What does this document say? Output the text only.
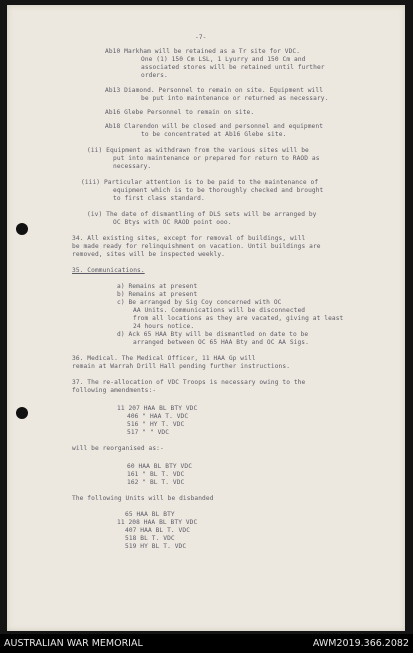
-7-
Ab10 Markham will be retained as a Tr site for VDC.
One (1) 150 Cm LSL, 1 Lyurry and 150 Cm and
associated stores will be retained until further
orders.
Ab13 Diamond. Personnel to remain on site. Equipment will
be put into maintenance or returned as necessary.
Ab16 Glebe Personnel to remain on site.
Ab18 Clarendon will be closed and personnel and equipment
to be concentrated at Ab16 Glebe site.
(ii) Equipment as withdrawn from the various sites will be
put into maintenance or prepared for return to RAOD as
necessary.
(iii) Particular attention is to be paid to the maintenance of
equipment which is to be thoroughly checked and brought
to first class standard.
(iv) The date of dismantling of DLS sets will be arranged by
OC Btys with OC RAOD point ooo.
34. All existing sites, except for removal of buildings, will
be made ready for relinquishment on vacation. Until buildings are
removed, sites will be inspected weekly.
35. Communications.
a) Remains at present
b) Remains at present
c) Be arranged by Sig Coy concerned with OC
AA Units. Communications will be disconnected
from all locations as they are vacated, giving at least
24 hours notice.
d) Ack 65 HAA Bty will be dismantled on date to be
arranged between OC 65 HAA Bty and OC AA Sigs.
36. Medical. The Medical Officer, 11 HAA Gp will
remain at Warrah Drill Hall pending further instructions.
37. The re-allocation of VDC Troops is necessary owing to the
following amendments:-
11 207 HAA BL BTY VDC
406 " HAA T. VDC
516 " HY T. VDC
517 " " VDC
will be reorganised as:-
60 HAA BL BTY VDC
161 " BL T. VDC
162 " BL T. VDC
The following Units will be disbanded
65 HAA BL BTY
11 208 HAA BL BTY VDC
407 HAA BL T. VDC
518 BL T. VDC
519 HY BL T. VDC
AUSTRALIAN WAR MEMORIAL	AWM2019.366.2082
